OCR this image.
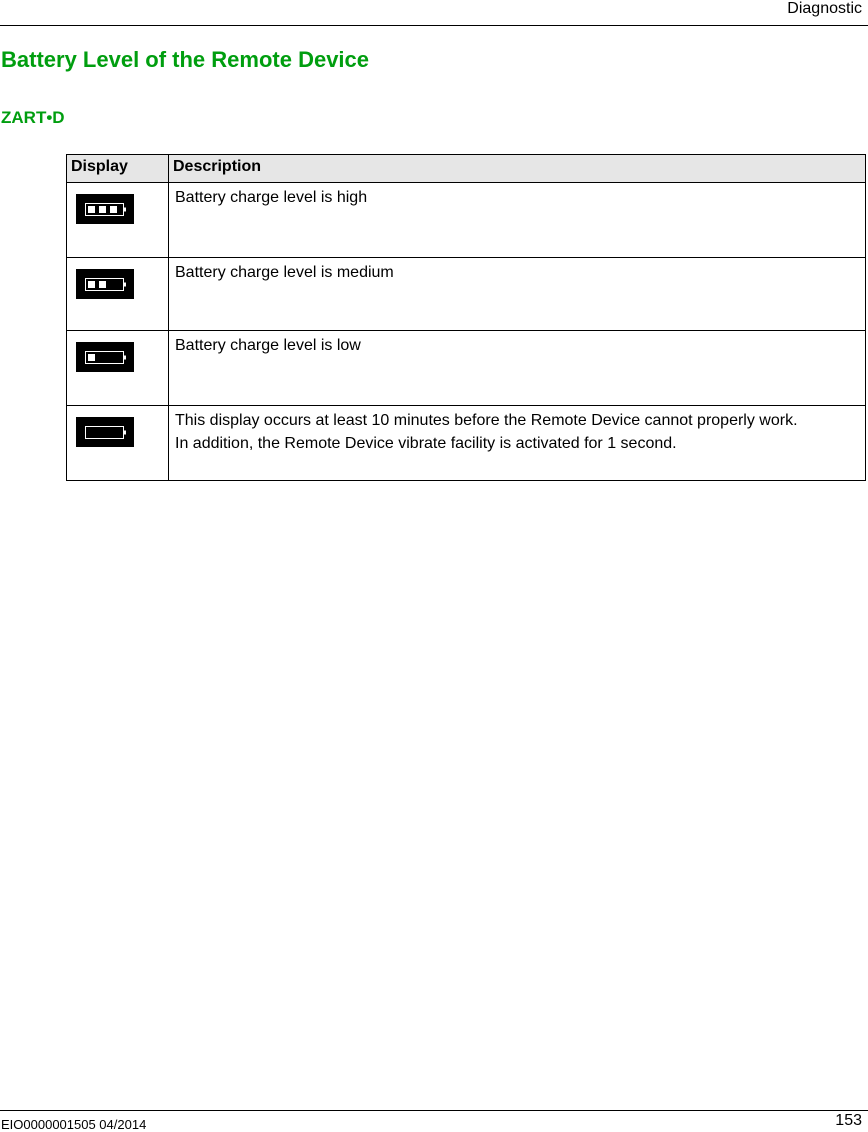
Diagnostic
Battery Level of the Remote Device
ZART•D
Display	Description

Battery charge level is high

Battery charge level is medium

Battery charge level is low

This display occurs at least 10 minutes before the Remote Device cannot properly work.
In addition, the Remote Device vibrate facility is activated for 1 second.
EIO0000001505 04/2014	153
